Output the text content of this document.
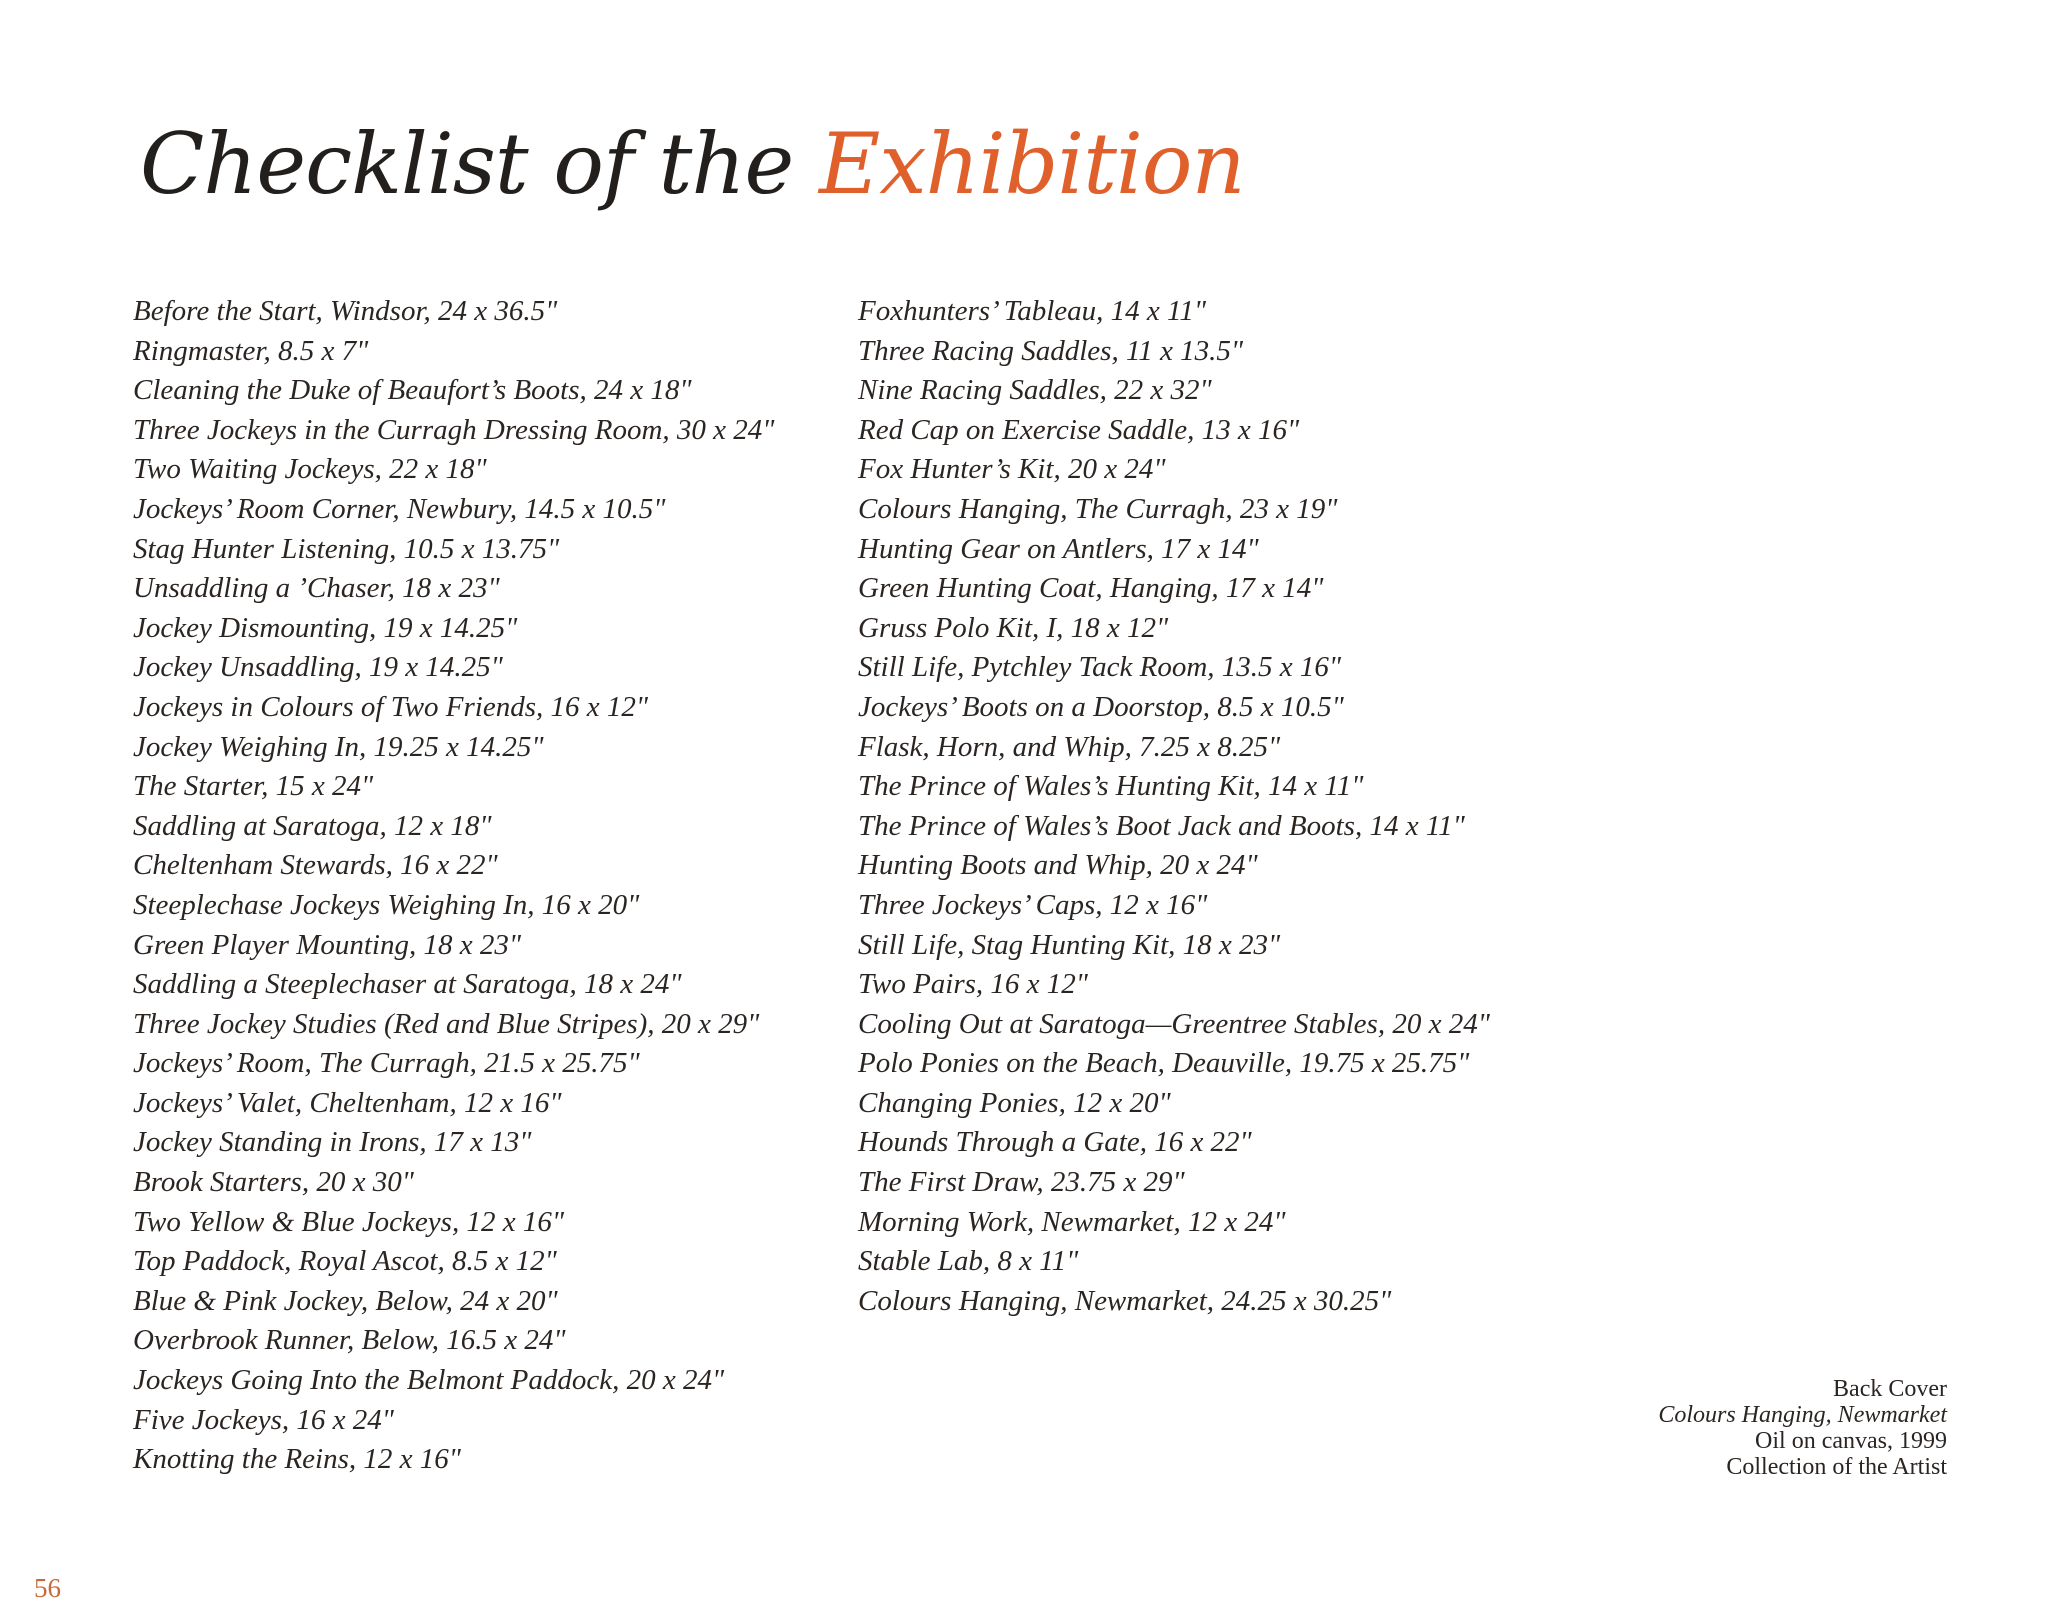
Checklist of the Exhibition
Before the Start, Windsor, 24 x 36.5"
Ringmaster, 8.5 x 7"
Cleaning the Duke of Beaufort’s Boots, 24 x 18"
Three Jockeys in the Curragh Dressing Room, 30 x 24"
Two Waiting Jockeys, 22 x 18"
Jockeys’ Room Corner, Newbury, 14.5 x 10.5"
Stag Hunter Listening, 10.5 x 13.75"
Unsaddling a ’Chaser, 18 x 23"
Jockey Dismounting, 19 x 14.25"
Jockey Unsaddling, 19 x 14.25"
Jockeys in Colours of Two Friends, 16 x 12"
Jockey Weighing In, 19.25 x 14.25"
The Starter, 15 x 24"
Saddling at Saratoga, 12 x 18"
Cheltenham Stewards, 16 x 22"
Steeplechase Jockeys Weighing In, 16 x 20"
Green Player Mounting, 18 x 23"
Saddling a Steeplechaser at Saratoga, 18 x 24"
Three Jockey Studies (Red and Blue Stripes), 20 x 29"
Jockeys’ Room, The Curragh, 21.5 x 25.75"
Jockeys’ Valet, Cheltenham, 12 x 16"
Jockey Standing in Irons, 17 x 13"
Brook Starters, 20 x 30"
Two Yellow & Blue Jockeys, 12 x 16"
Top Paddock, Royal Ascot, 8.5 x 12"
Blue & Pink Jockey, Below, 24 x 20"
Overbrook Runner, Below, 16.5 x 24"
Jockeys Going Into the Belmont Paddock, 20 x 24"
Five Jockeys, 16 x 24"
Knotting the Reins, 12 x 16"
Foxhunters’ Tableau, 14 x 11"
Three Racing Saddles, 11 x 13.5"
Nine Racing Saddles, 22 x 32"
Red Cap on Exercise Saddle, 13 x 16"
Fox Hunter’s Kit, 20 x 24"
Colours Hanging, The Curragh, 23 x 19"
Hunting Gear on Antlers, 17 x 14"
Green Hunting Coat, Hanging, 17 x 14"
Gruss Polo Kit, I, 18 x 12"
Still Life, Pytchley Tack Room, 13.5 x 16"
Jockeys’ Boots on a Doorstop, 8.5 x 10.5"
Flask, Horn, and Whip, 7.25 x 8.25"
The Prince of Wales’s Hunting Kit, 14 x 11"
The Prince of Wales’s Boot Jack and Boots, 14 x 11"
Hunting Boots and Whip, 20 x 24"
Three Jockeys’ Caps, 12 x 16"
Still Life, Stag Hunting Kit, 18 x 23"
Two Pairs, 16 x 12"
Cooling Out at Saratoga—Greentree Stables, 20 x 24"
Polo Ponies on the Beach, Deauville, 19.75 x 25.75"
Changing Ponies, 12 x 20"
Hounds Through a Gate, 16 x 22"
The First Draw, 23.75 x 29"
Morning Work, Newmarket, 12 x 24"
Stable Lab, 8 x 11"
Colours Hanging, Newmarket, 24.25 x 30.25"
Back Cover
Colours Hanging, Newmarket
Oil on canvas, 1999
Collection of the Artist
56
